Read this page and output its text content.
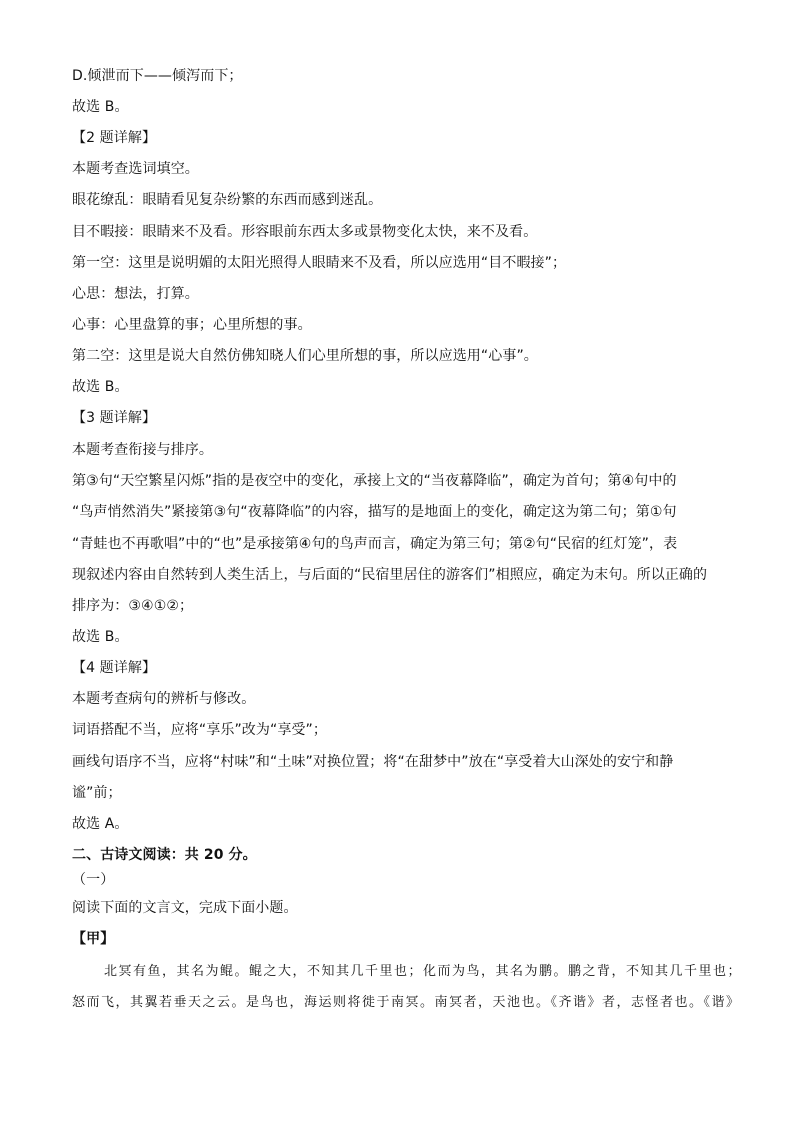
D.倾泄而下——倾泻而下；
故选 B。
【2 题详解】
本题考查选词填空。
眼花缭乱：眼睛看见复杂纷繁的东西而感到迷乱。
目不暇接：眼睛来不及看。形容眼前东西太多或景物变化太快，来不及看。
第一空：这里是说明媚的太阳光照得人眼睛来不及看，所以应选用“目不暇接”；
心思：想法，打算。
心事：心里盘算的事；心里所想的事。
第二空：这里是说大自然仿佛知晓人们心里所想的事，所以应选用“心事”。
故选 B。
【3 题详解】
本题考查衔接与排序。
第③句“天空繁星闪烁”指的是夜空中的变化，承接上文的“当夜幕降临”，确定为首句；第④句中的
“鸟声悄然消失”紧接第③句“夜幕降临”的内容，描写的是地面上的变化，确定这为第二句；第①句
“青蛙也不再歌唱”中的“也”是承接第④句的鸟声而言，确定为第三句；第②句“民宿的红灯笼”，表
现叙述内容由自然转到人类生活上，与后面的“民宿里居住的游客们”相照应，确定为末句。所以正确的
排序为：③④①②；
故选 B。
【4 题详解】
本题考查病句的辨析与修改。
词语搭配不当，应将“享乐”改为“享受”；
画线句语序不当，应将“村味”和“土味”对换位置；将“在甜梦中”放在“享受着大山深处的安宁和静
谧”前；
故选 A。
二、古诗文阅读：共 20 分。
（一）
阅读下面的文言文，完成下面小题。
【甲】
北冥有鱼，其名为鲲。鲲之大，不知其几千里也；化而为鸟，其名为鹏。鹏之背，不知其几千里也；
怒而飞，其翼若垂天之云。是鸟也，海运则将徙于南冥。南冥者，天池也。《齐谐》者，志怪者也。《谐》
